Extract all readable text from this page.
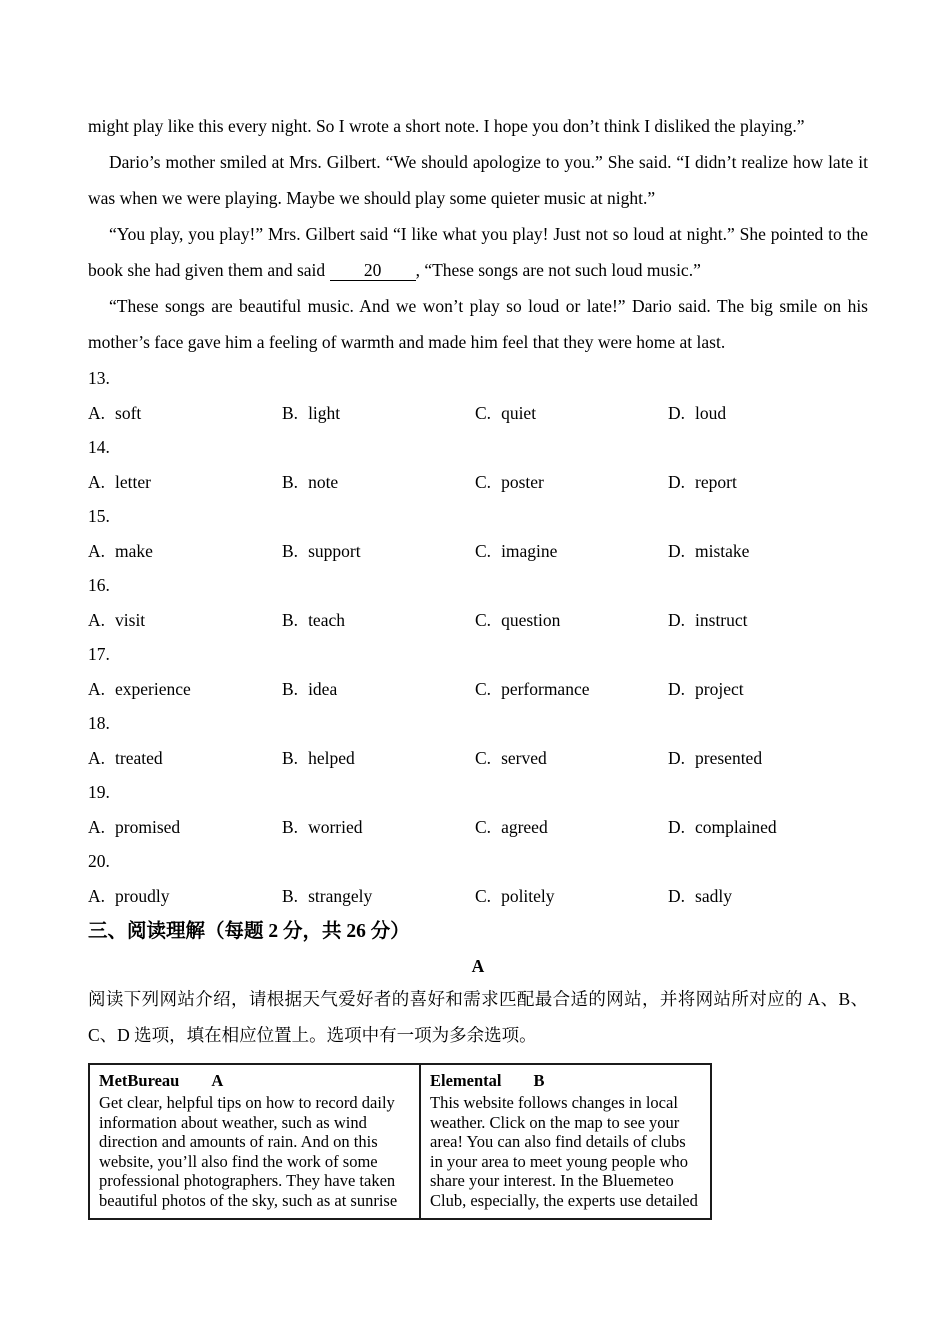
might play like this every night. So I wrote a short note. I hope you don’t think I disliked the playing.”

Dario’s mother smiled at Mrs. Gilbert. “We should apologize to you.” She said. “I didn’t realize how late it was when we were playing. Maybe we should play some quieter music at night.”

“You play, you play!” Mrs. Gilbert said “I like what you play! Just not so loud at night.” She pointed to the book she had given them and said 20 , “These songs are not such loud music.”

“These songs are beautiful music. And we won’t play so loud or late!” Dario said. The big smile on his mother’s face gave him a feeling of warmth and made him feel that they were home at last.

13.
A. soft	B. light	C. quiet	D. loud
14.
A. letter	B. note	C. poster	D. report
15.
A. make	B. support	C. imagine	D. mistake
16.
A. visit	B. teach	C. question	D. instruct
17.
A. experience	B. idea	C. performance	D. project
18.
A. treated	B. helped	C. served	D. presented
19.
A. promised	B. worried	C. agreed	D. complained
20.
A. proudly	B. strangely	C. politely	D. sadly
三、阅读理解（每题 2 分，共 26 分）
A

阅读下列网站介绍，请根据天气爱好者的喜好和需求匹配最合适的网站，并将网站所对应的 A、B、C、D 选项，填在相应位置上。选项中有一项为多余选项。

MetBureau A
Get clear, helpful tips on how to record daily information about weather, such as wind direction and amounts of rain. And on this website, you’ll also find the work of some professional photographers. They have taken beautiful photos of the sky, such as at sunrise

Elemental B
This website follows changes in local weather. Click on the map to see your area! You can also find details of clubs in your area to meet young people who share your interest. In the Bluemeteo Club, especially, the experts use detailed
